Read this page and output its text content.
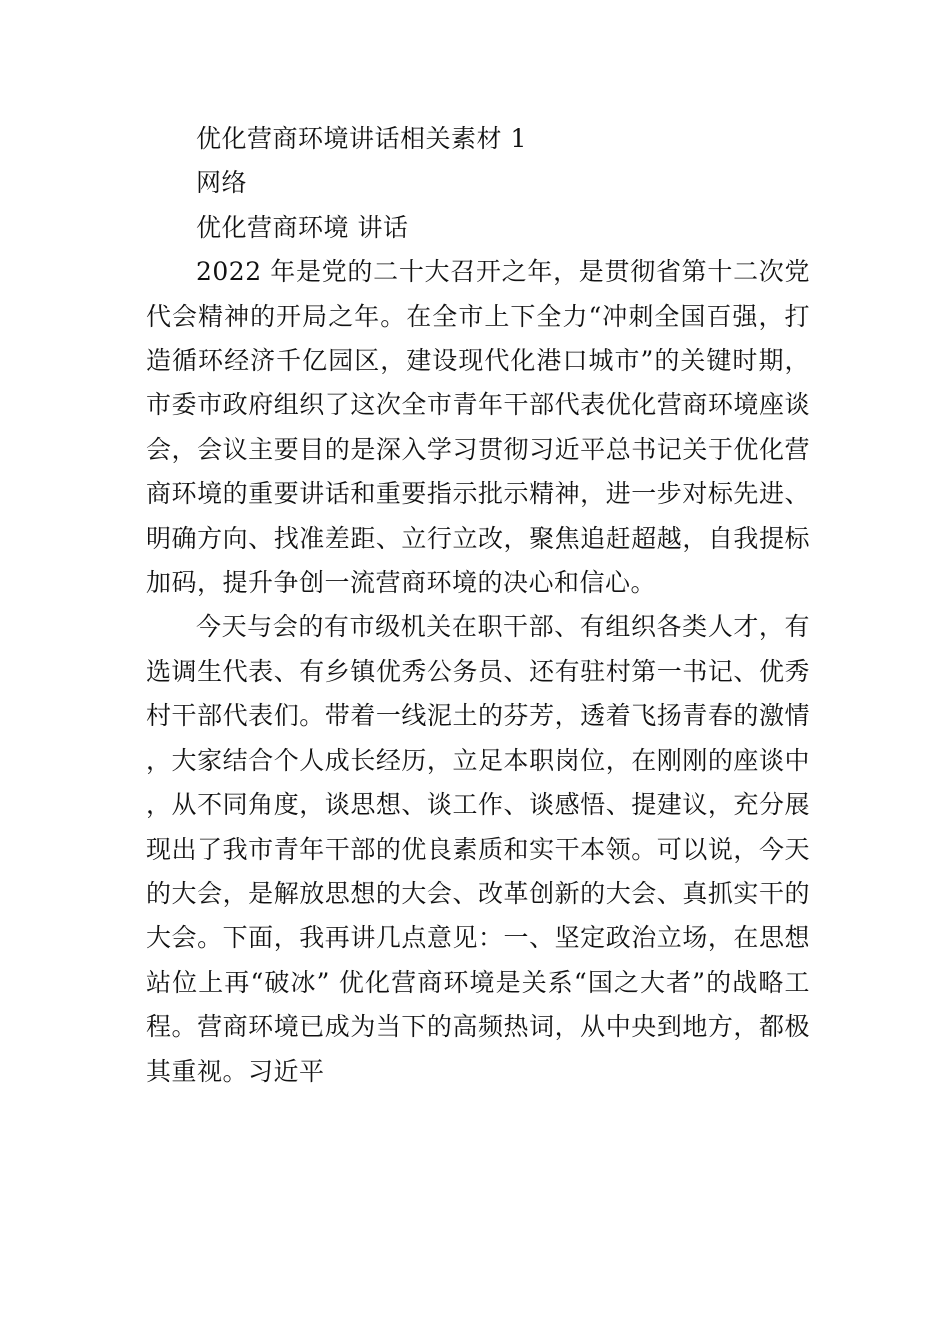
优化营商环境讲话相关素材 1

网络

优化营商环境 讲话

2022 年是党的二十大召开之年，是贯彻省第十二次党代会精神的开局之年。在全市上下全力“冲刺全国百强，打造循环经济千亿园区，建设现代化港口城市”的关键时期，市委市政府组织了这次全市青年干部代表优化营商环境座谈会，会议主要目的是深入学习贯彻习近平总书记关于优化营商环境的重要讲话和重要指示批示精神，进一步对标先进、明确方向、找准差距、立行立改，聚焦追赶超越，自我提标加码，提升争创一流营商环境的决心和信心。

今天与会的有市级机关在职干部、有组织各类人才，有选调生代表、有乡镇优秀公务员、还有驻村第一书记、优秀村干部代表们。带着一线泥土的芬芳，透着飞扬青春的激情，大家结合个人成长经历，立足本职岗位，在刚刚的座谈中，从不同角度，谈思想、谈工作、谈感悟、提建议，充分展现出了我市青年干部的优良素质和实干本领。可以说，今天的大会，是解放思想的大会、改革创新的大会、真抓实干的大会。下面，我再讲几点意见：一、坚定政治立场，在思想站位上再“破冰” 优化营商环境是关系“国之大者”的战略工程。营商环境已成为当下的高频热词，从中央到地方，都极其重视。习近平
